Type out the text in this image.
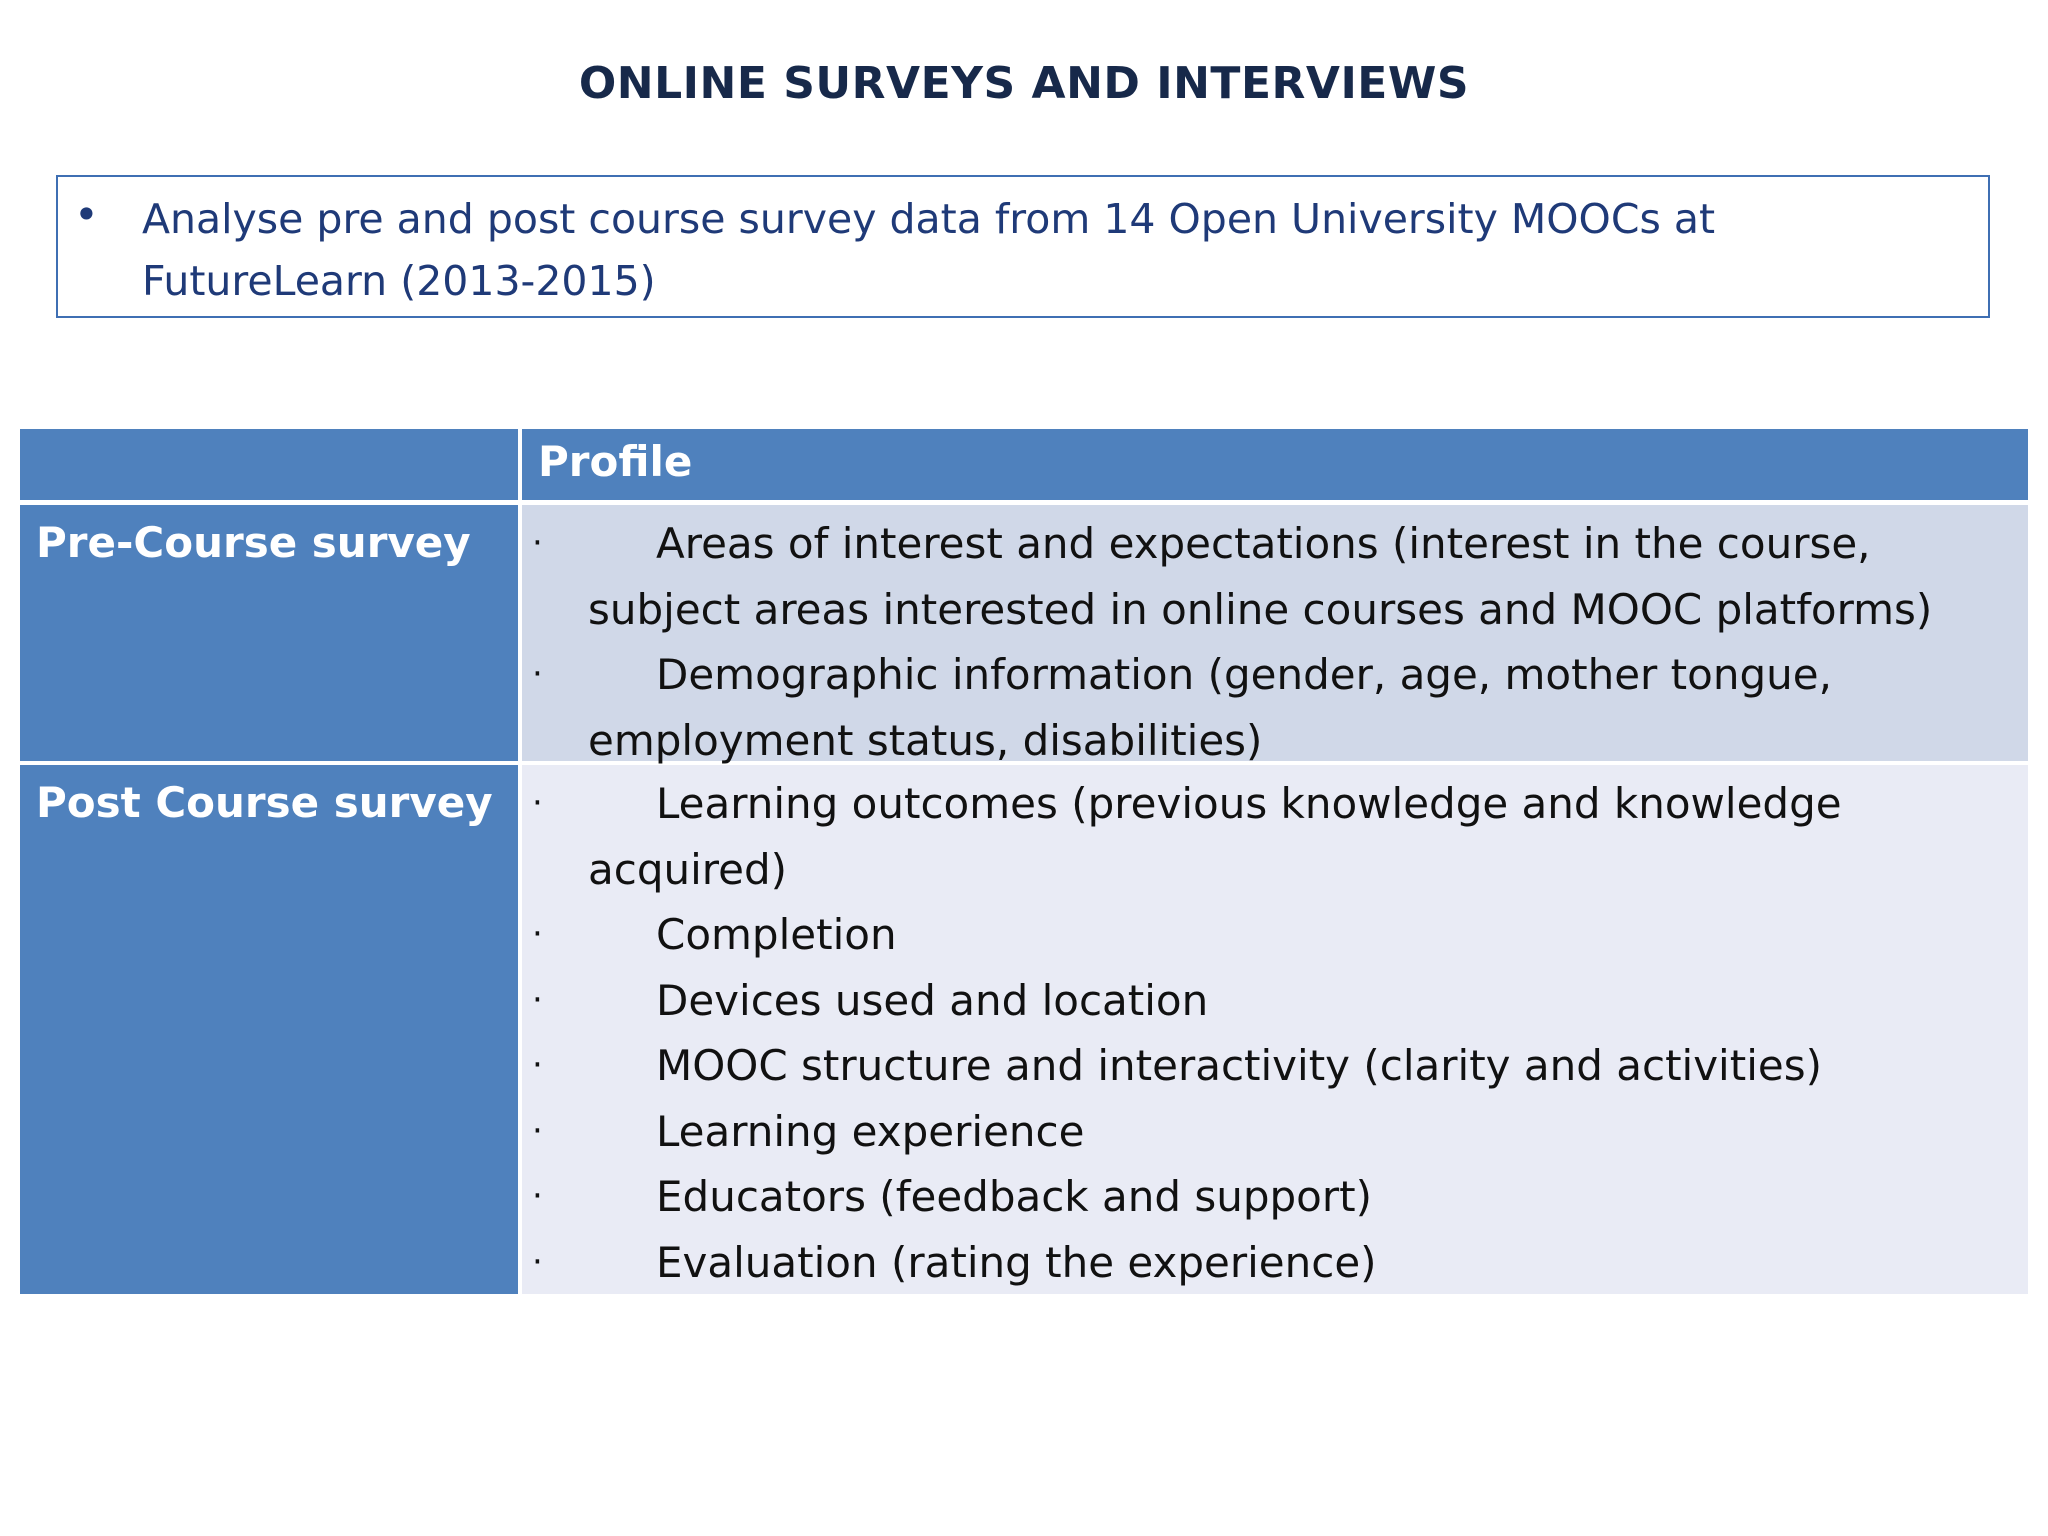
ONLINE SURVEYS AND INTERVIEWS
• Analyse pre and post course survey data from 14 Open University MOOCs at FutureLearn (2013-2015)
Profile
Pre-Course survey	·	Areas of interest and expectations (interest in the course, subject areas interested in online courses and MOOC platforms)
·	Demographic information (gender, age, mother tongue, employment status, disabilities)
Post Course survey	·	Learning outcomes (previous knowledge and knowledge acquired)
·	Completion
·	Devices used and location
·	MOOC structure and interactivity (clarity and activities)
·	Learning experience
·	Educators (feedback and support)
·	Evaluation (rating the experience)
